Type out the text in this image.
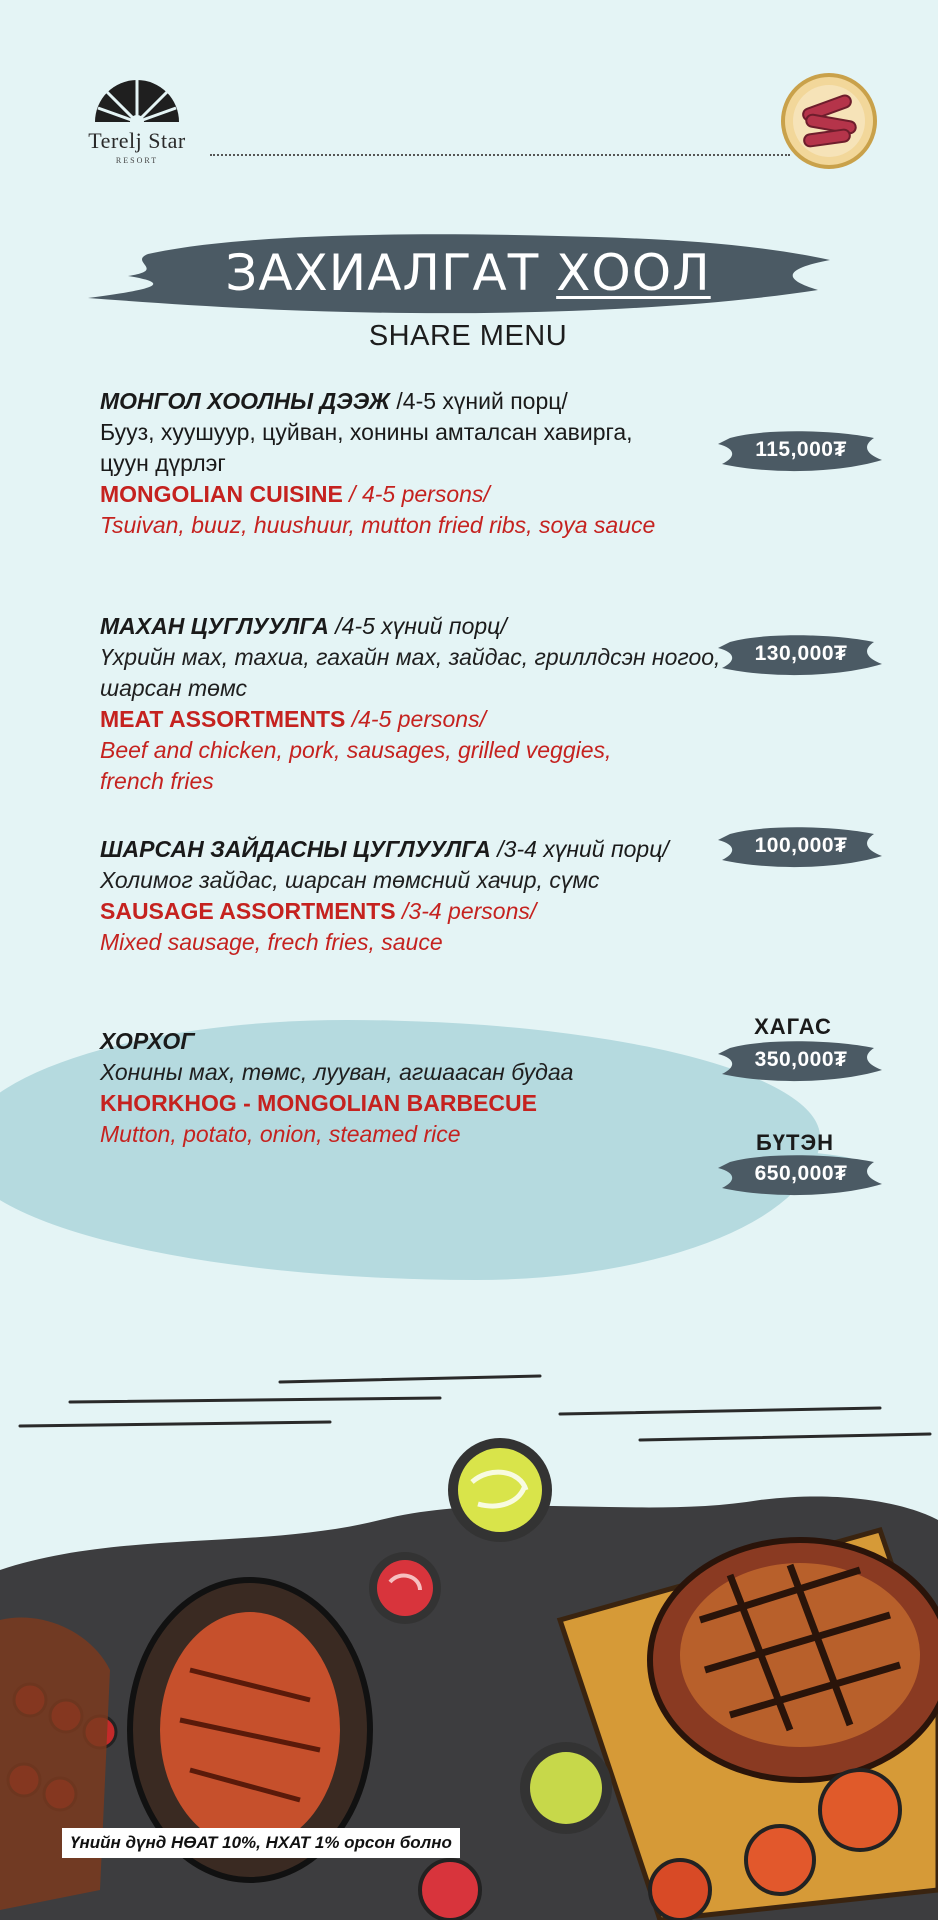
Terelj Star
RESORT
ЗАХИАЛГАТ ХООЛ
SHARE MENU
МОНГОЛ ХООЛНЫ ДЭЭЖ /4-5 хүний порц/
Бууз, хуушуур, цуйван, хонины амталсан хавирга,
цуун дүрлэг
MONGOLIAN CUISINE / 4-5 persons/
Tsuivan, buuz, huushuur, mutton fried ribs, soya sauce
МАХАН ЦУГЛУУЛГА /4-5 хүний порц/
Үхрийн мах, тахиа, гахайн мах, зайдас, гриллдсэн ногоо,
шарсан төмс
MEAT ASSORTMENTS /4-5 persons/
Beef and chicken, pork, sausages, grilled veggies,
french fries
ШАРСАН ЗАЙДАСНЫ ЦУГЛУУЛГА /3-4 хүний порц/
Холимог зайдас, шарсан төмсний хачир, сүмс
SAUSAGE ASSORTMENTS /3-4 persons/
Mixed sausage, frech fries, sauce
ХОРХОГ
Хонины мах, төмс, лууван, агшаасан будаа
KHORKHOG - MONGOLIAN BARBECUE
Mutton, potato, onion, steamed rice
115,000₮
130,000₮
100,000₮
ХАГАС
350,000₮
БҮТЭН
650,000₮
Үнийн дүнд НӨАТ 10%, НХАТ 1% орсон болно
